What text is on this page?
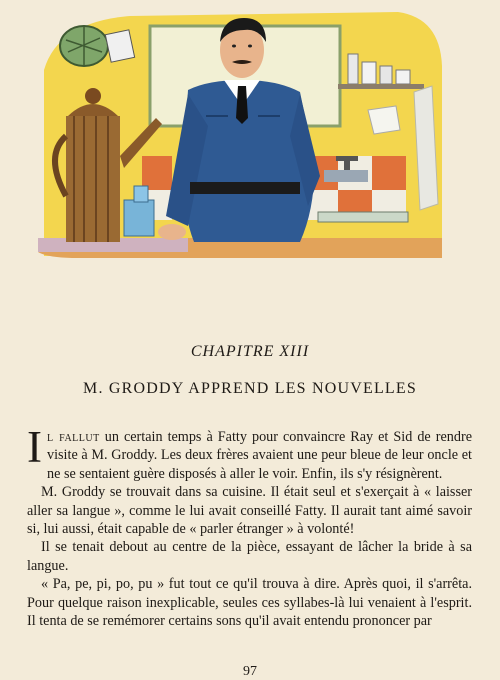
CHAPITRE XIII
M. GRODDY APPREND LES NOUVELLES

Il fallut un certain temps à Fatty pour convaincre Ray et Sid de rendre visite à M. Groddy. Les deux frères avaient une peur bleue de leur oncle et ne se sentaient guère disposés à aller le voir. Enfin, ils s'y résignèrent.

M. Groddy se trouvait dans sa cuisine. Il était seul et s'exerçait à « laisser aller sa langue », comme le lui avait conseillé Fatty. Il aurait tant aimé savoir si, lui aussi, était capable de « parler étranger » à volonté!

Il se tenait debout au centre de la pièce, essayant de lâcher la bride à sa langue.

« Pa, pe, pi, po, pu » fut tout ce qu'il trouva à dire. Après quoi, il s'arrêta. Pour quelque raison inexplicable, seules ces syllabes-là lui venaient à l'esprit. Il tenta de se remémorer certains sons qu'il avait entendu prononcer par

97
